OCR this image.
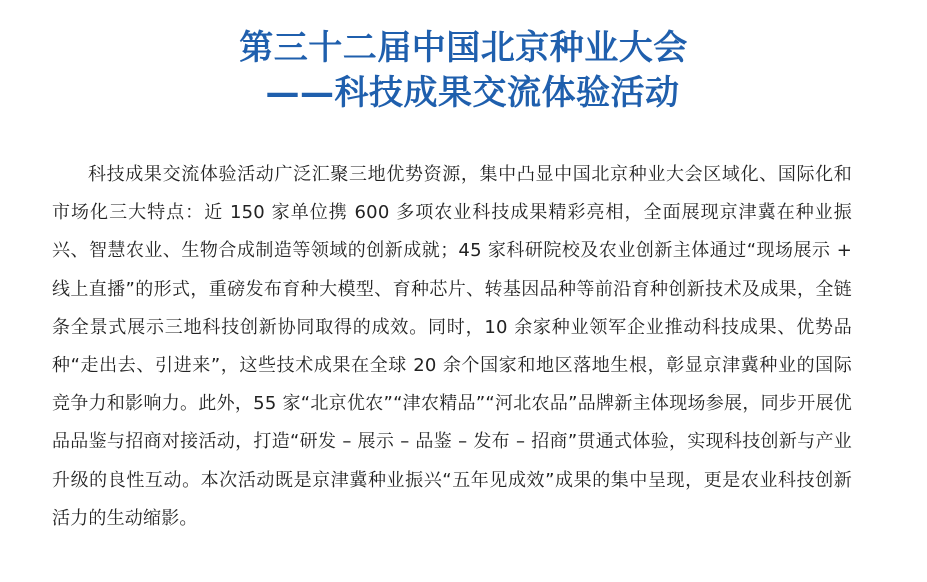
第三十二届中国北京种业大会
——科技成果交流体验活动

科技成果交流体验活动广泛汇聚三地优势资源，集中凸显中国北京种业大会区域化、国际化和市场化三大特点：近 150 家单位携 600 多项农业科技成果精彩亮相，全面展现京津冀在种业振兴、智慧农业、生物合成制造等领域的创新成就；45 家科研院校及农业创新主体通过“现场展示 + 线上直播”的形式，重磅发布育种大模型、育种芯片、转基因品种等前沿育种创新技术及成果，全链条全景式展示三地科技创新协同取得的成效。同时，10 余家种业领军企业推动科技成果、优势品种“走出去、引进来”，这些技术成果在全球 20 余个国家和地区落地生根，彰显京津冀种业的国际竞争力和影响力。此外，55 家“北京优农”“津农精品”“河北农品”品牌新主体现场参展，同步开展优品品鉴与招商对接活动，打造“研发 – 展示 – 品鉴 – 发布 – 招商”贯通式体验，实现科技创新与产业升级的良性互动。本次活动既是京津冀种业振兴“五年见成效”成果的集中呈现，更是农业科技创新活力的生动缩影。
